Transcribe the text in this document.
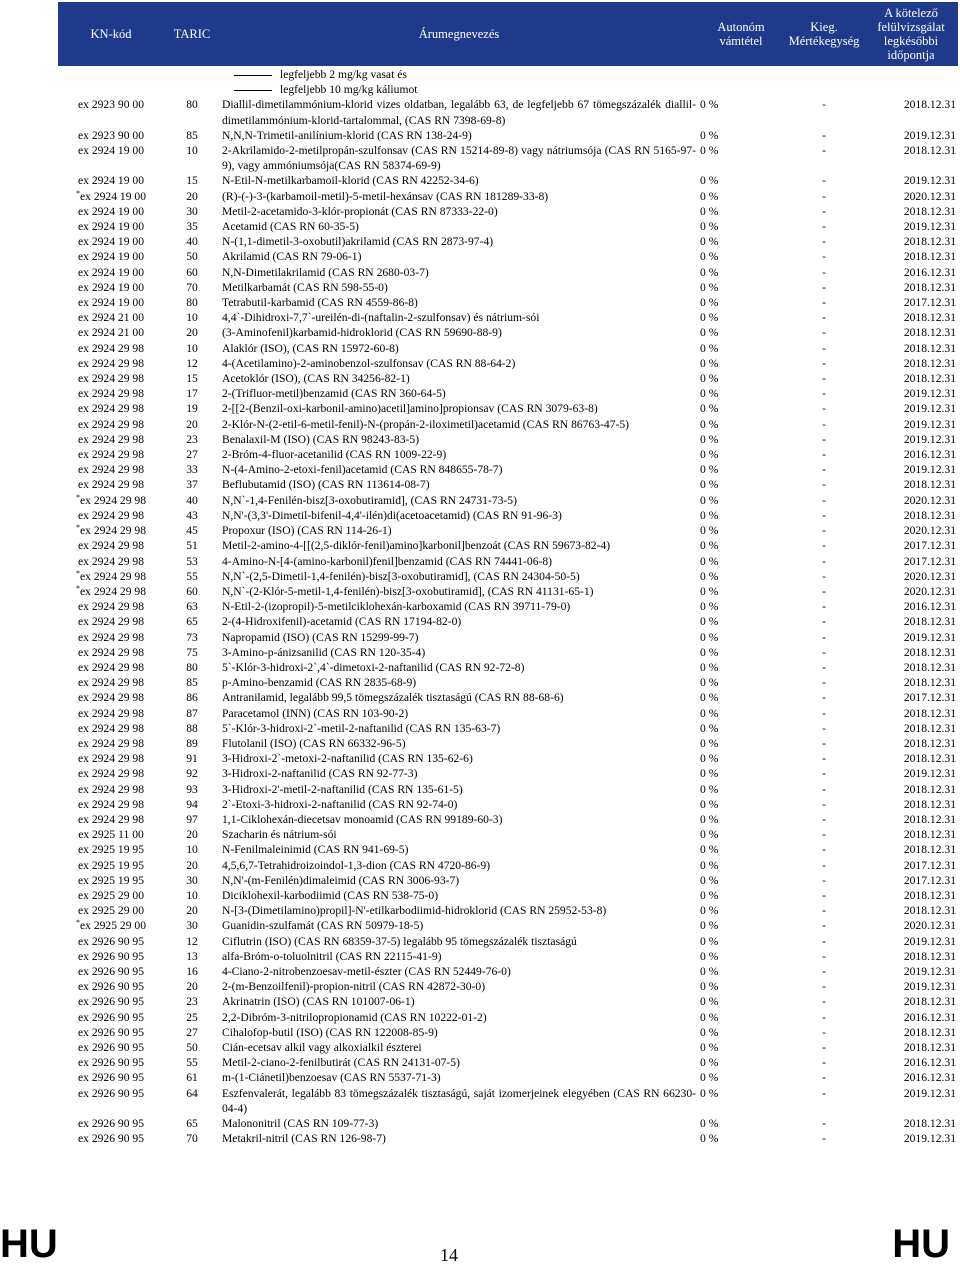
KN-kód	TARIC	Árumegnevezés	Autonóm vámtétel	Kieg. Mértékegység	A kötelező felülvizsgálat legkésőbbi időpontja

		legfeljebb 2 mg/kg vasat és
legfeljebb 10 mg/kg káliumot			

ex 2923 90 00	80	Diallil-dimetilammónium-klorid vizes oldatban, legalább 63, de legfeljebb 67 tömegszázalék diallil-dimetilammónium-klorid-tartalommal, (CAS RN 7398-69-8)	0 %	-	2018.12.31
ex 2923 90 00	85	N,N,N-Trimetil-anilínium-klorid (CAS RN 138-24-9)	0 %	-	2019.12.31
ex 2924 19 00	10	2-Akrilamido-2-metilpropán-szulfonsav (CAS RN 15214-89-8) vagy nátriumsója (CAS RN 5165-97-9), vagy ammóniumsója(CAS RN 58374-69-9)	0 %	-	2018.12.31
ex 2924 19 00	15	N-Etil-N-metilkarbamoil-klorid (CAS RN 42252-34-6)	0 %	-	2019.12.31
*ex 2924 19 00	20	(R)-(-)-3-(karbamoil-metil)-5-metil-hexánsav (CAS RN 181289-33-8)	0 %	-	2020.12.31
ex 2924 19 00	30	Metil-2-acetamido-3-klór-propionát (CAS RN 87333-22-0)	0 %	-	2018.12.31
ex 2924 19 00	35	Acetamid (CAS RN 60-35-5)	0 %	-	2019.12.31
ex 2924 19 00	40	N-(1,1-dimetil-3-oxobutil)akrilamid (CAS RN 2873-97-4)	0 %	-	2018.12.31
ex 2924 19 00	50	Akrilamid (CAS RN 79-06-1)	0 %	-	2018.12.31
ex 2924 19 00	60	N,N-Dimetilakrilamid (CAS RN 2680-03-7)	0 %	-	2016.12.31
ex 2924 19 00	70	Metilkarbamát (CAS RN 598-55-0)	0 %	-	2018.12.31
ex 2924 19 00	80	Tetrabutil-karbamid (CAS RN 4559-86-8)	0 %	-	2017.12.31
ex 2924 21 00	10	4,4`-Dihidroxi-7,7`-ureilén-di-(naftalin-2-szulfonsav) és nátrium-sói	0 %	-	2018.12.31
ex 2924 21 00	20	(3-Aminofenil)karbamid-hidroklorid (CAS RN 59690-88-9)	0 %	-	2018.12.31
ex 2924 29 98	10	Alaklór (ISO), (CAS RN 15972-60-8)	0 %	-	2018.12.31
ex 2924 29 98	12	4-(Acetilamino)-2-aminobenzol-szulfonsav (CAS RN 88-64-2)	0 %	-	2018.12.31
ex 2924 29 98	15	Acetoklór (ISO), (CAS RN 34256-82-1)	0 %	-	2018.12.31
ex 2924 29 98	17	2-(Trifluor-metil)benzamid (CAS RN 360-64-5)	0 %	-	2019.12.31
ex 2924 29 98	19	2-[[2-(Benzil-oxi-karbonil-amino)acetil]amino]propionsav (CAS RN 3079-63-8)	0 %	-	2019.12.31
ex 2924 29 98	20	2-Klór-N-(2-etil-6-metil-fenil)-N-(propán-2-iloximetil)acetamid (CAS RN 86763-47-5)	0 %	-	2019.12.31
ex 2924 29 98	23	Benalaxil-M (ISO) (CAS RN 98243-83-5)	0 %	-	2019.12.31
ex 2924 29 98	27	2-Bróm-4-fluor-acetanilid (CAS RN 1009-22-9)	0 %	-	2016.12.31
ex 2924 29 98	33	N-(4-Amino-2-etoxi-fenil)acetamid (CAS RN 848655-78-7)	0 %	-	2019.12.31
ex 2924 29 98	37	Beflubutamid (ISO) (CAS RN 113614-08-7)	0 %	-	2018.12.31
*ex 2924 29 98	40	N,N`-1,4-Fenilén-bisz[3-oxobutiramid], (CAS RN 24731-73-5)	0 %	-	2020.12.31
ex 2924 29 98	43	N,N'-(3,3'-Dimetil-bifenil-4,4'-ilén)di(acetoacetamid) (CAS RN 91-96-3)	0 %	-	2018.12.31
*ex 2924 29 98	45	Propoxur (ISO) (CAS RN 114-26-1)	0 %	-	2020.12.31
ex 2924 29 98	51	Metil-2-amino-4-[[(2,5-diklór-fenil)amino]karbonil]benzoát (CAS RN 59673-82-4)	0 %	-	2017.12.31
ex 2924 29 98	53	4-Amino-N-[4-(amino-karbonil)fenil]benzamid (CAS RN 74441-06-8)	0 %	-	2017.12.31
*ex 2924 29 98	55	N,N`-(2,5-Dimetil-1,4-fenilén)-bisz[3-oxobutiramid], (CAS RN 24304-50-5)	0 %	-	2020.12.31
*ex 2924 29 98	60	N,N`-(2-Klór-5-metil-1,4-fenilén)-bisz[3-oxobutiramid], (CAS RN 41131-65-1)	0 %	-	2020.12.31
ex 2924 29 98	63	N-Etil-2-(izopropil)-5-metilciklohexán-karboxamid (CAS RN 39711-79-0)	0 %	-	2016.12.31
ex 2924 29 98	65	2-(4-Hidroxifenil)-acetamid (CAS RN 17194-82-0)	0 %	-	2018.12.31
ex 2924 29 98	73	Napropamid (ISO) (CAS RN 15299-99-7)	0 %	-	2019.12.31
ex 2924 29 98	75	3-Amino-p-ánizsanilid (CAS RN 120-35-4)	0 %	-	2018.12.31
ex 2924 29 98	80	5`-Klór-3-hidroxi-2`,4`-dimetoxi-2-naftanilid (CAS RN 92-72-8)	0 %	-	2018.12.31
ex 2924 29 98	85	p-Amino-benzamid (CAS RN 2835-68-9)	0 %	-	2018.12.31
ex 2924 29 98	86	Antranilamid, legalább 99,5 tömegszázalék tisztaságú (CAS RN 88-68-6)	0 %	-	2017.12.31
ex 2924 29 98	87	Paracetamol (INN) (CAS RN 103-90-2)	0 %	-	2018.12.31
ex 2924 29 98	88	5`-Klór-3-hidroxi-2`-metil-2-naftanilid (CAS RN 135-63-7)	0 %	-	2018.12.31
ex 2924 29 98	89	Flutolanil (ISO) (CAS RN 66332-96-5)	0 %	-	2018.12.31
ex 2924 29 98	91	3-Hidroxi-2`-metoxi-2-naftanilid (CAS RN 135-62-6)	0 %	-	2018.12.31
ex 2924 29 98	92	3-Hidroxi-2-naftanilid (CAS RN 92-77-3)	0 %	-	2019.12.31
ex 2924 29 98	93	3-Hidroxi-2'-metil-2-naftanilid (CAS RN 135-61-5)	0 %	-	2018.12.31
ex 2924 29 98	94	2`-Etoxi-3-hidroxi-2-naftanilid (CAS RN 92-74-0)	0 %	-	2018.12.31
ex 2924 29 98	97	1,1-Ciklohexán-diecetsav monoamid (CAS RN 99189-60-3)	0 %	-	2018.12.31
ex 2925 11 00	20	Szacharin és nátrium-sói	0 %	-	2018.12.31
ex 2925 19 95	10	N-Fenilmaleinimid (CAS RN 941-69-5)	0 %	-	2018.12.31
ex 2925 19 95	20	4,5,6,7-Tetrahidroizoindol-1,3-dion (CAS RN 4720-86-9)	0 %	-	2017.12.31
ex 2925 19 95	30	N,N'-(m-Fenilén)dimaleimid (CAS RN 3006-93-7)	0 %	-	2017.12.31
ex 2925 29 00	10	Diciklohexil-karbodiimid (CAS RN 538-75-0)	0 %	-	2018.12.31
ex 2925 29 00	20	N-[3-(Dimetilamino)propil]-N'-etilkarbodiimid-hidroklorid (CAS RN 25952-53-8)	0 %	-	2018.12.31
*ex 2925 29 00	30	Guanidin-szulfamát (CAS RN 50979-18-5)	0 %	-	2020.12.31
ex 2926 90 95	12	Ciflutrin (ISO) (CAS RN 68359-37-5) legalább 95 tömegszázalék tisztaságú	0 %	-	2019.12.31
ex 2926 90 95	13	alfa-Bróm-o-toluolnitril (CAS RN 22115-41-9)	0 %	-	2018.12.31
ex 2926 90 95	16	4-Ciano-2-nitrobenzoesav-metil-észter (CAS RN 52449-76-0)	0 %	-	2019.12.31
ex 2926 90 95	20	2-(m-Benzoilfenil)-propion-nitril (CAS RN 42872-30-0)	0 %	-	2019.12.31
ex 2926 90 95	23	Akrinatrin (ISO) (CAS RN 101007-06-1)	0 %	-	2018.12.31
ex 2926 90 95	25	2,2-Dibróm-3-nitrilopropionamid (CAS RN 10222-01-2)	0 %	-	2016.12.31
ex 2926 90 95	27	Cihalofop-butil (ISO) (CAS RN 122008-85-9)	0 %	-	2018.12.31
ex 2926 90 95	50	Cián-ecetsav alkil vagy alkoxialkil észterei	0 %	-	2018.12.31
ex 2926 90 95	55	Metil-2-ciano-2-fenilbutirát (CAS RN 24131-07-5)	0 %	-	2016.12.31
ex 2926 90 95	61	m-(1-Ciánetil)benzoesav (CAS RN 5537-71-3)	0 %	-	2016.12.31
ex 2926 90 95	64	Eszfenvalerát, legalább 83 tömegszázalék tisztaságú, saját izomerjeinek elegyében (CAS RN 66230-04-4)	0 %	-	2019.12.31
ex 2926 90 95	65	Malononitril (CAS RN 109-77-3)	0 %	-	2018.12.31
ex 2926 90 95	70	Metakril-nitril (CAS RN 126-98-7)	0 %	-	2019.12.31
HU	14	HU
